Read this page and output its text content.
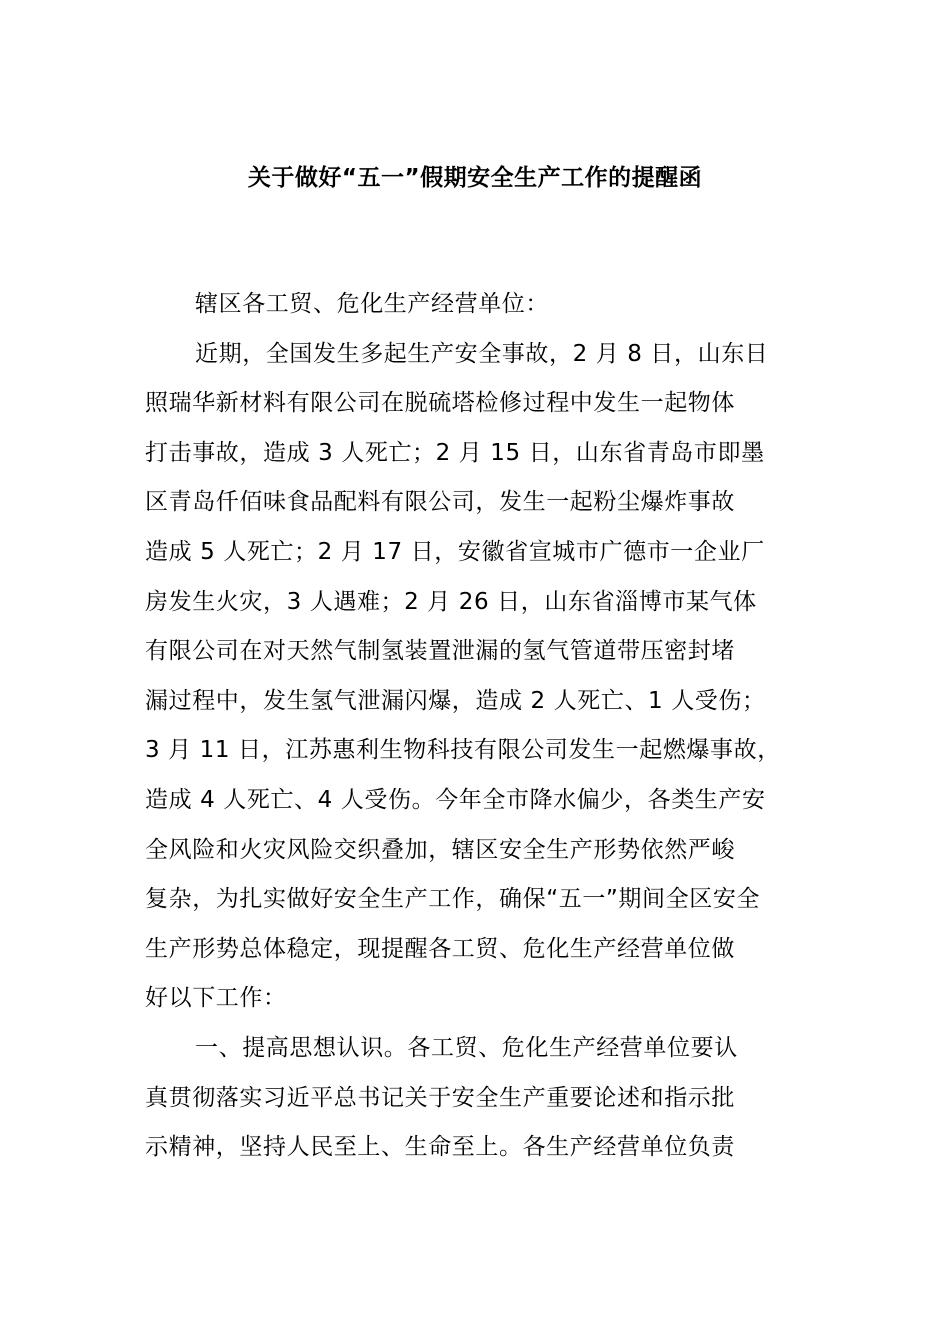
关于做好“五一”假期安全生产工作的提醒函
辖区各工贸、危化生产经营单位：
近期，全国发生多起生产安全事故，2 月 8 日，山东日
照瑞华新材料有限公司在脱硫塔检修过程中发生一起物体
打击事故，造成 3 人死亡；2 月 15 日，山东省青岛市即墨
区青岛仟佰味食品配料有限公司，发生一起粉尘爆炸事故
造成 5 人死亡；2 月 17 日，安徽省宣城市广德市一企业厂
房发生火灾，3 人遇难；2 月 26 日，山东省淄博市某气体
有限公司在对天然气制氢装置泄漏的氢气管道带压密封堵
漏过程中，发生氢气泄漏闪爆，造成 2 人死亡、1 人受伤；
3 月 11 日，江苏惠利生物科技有限公司发生一起燃爆事故，
造成 4 人死亡、4 人受伤。今年全市降水偏少，各类生产安
全风险和火灾风险交织叠加，辖区安全生产形势依然严峻
复杂，为扎实做好安全生产工作，确保“五一”期间全区安全
生产形势总体稳定，现提醒各工贸、危化生产经营单位做
好以下工作：
一、提高思想认识。各工贸、危化生产经营单位要认
真贯彻落实习近平总书记关于安全生产重要论述和指示批
示精神，坚持人民至上、生命至上。各生产经营单位负责
